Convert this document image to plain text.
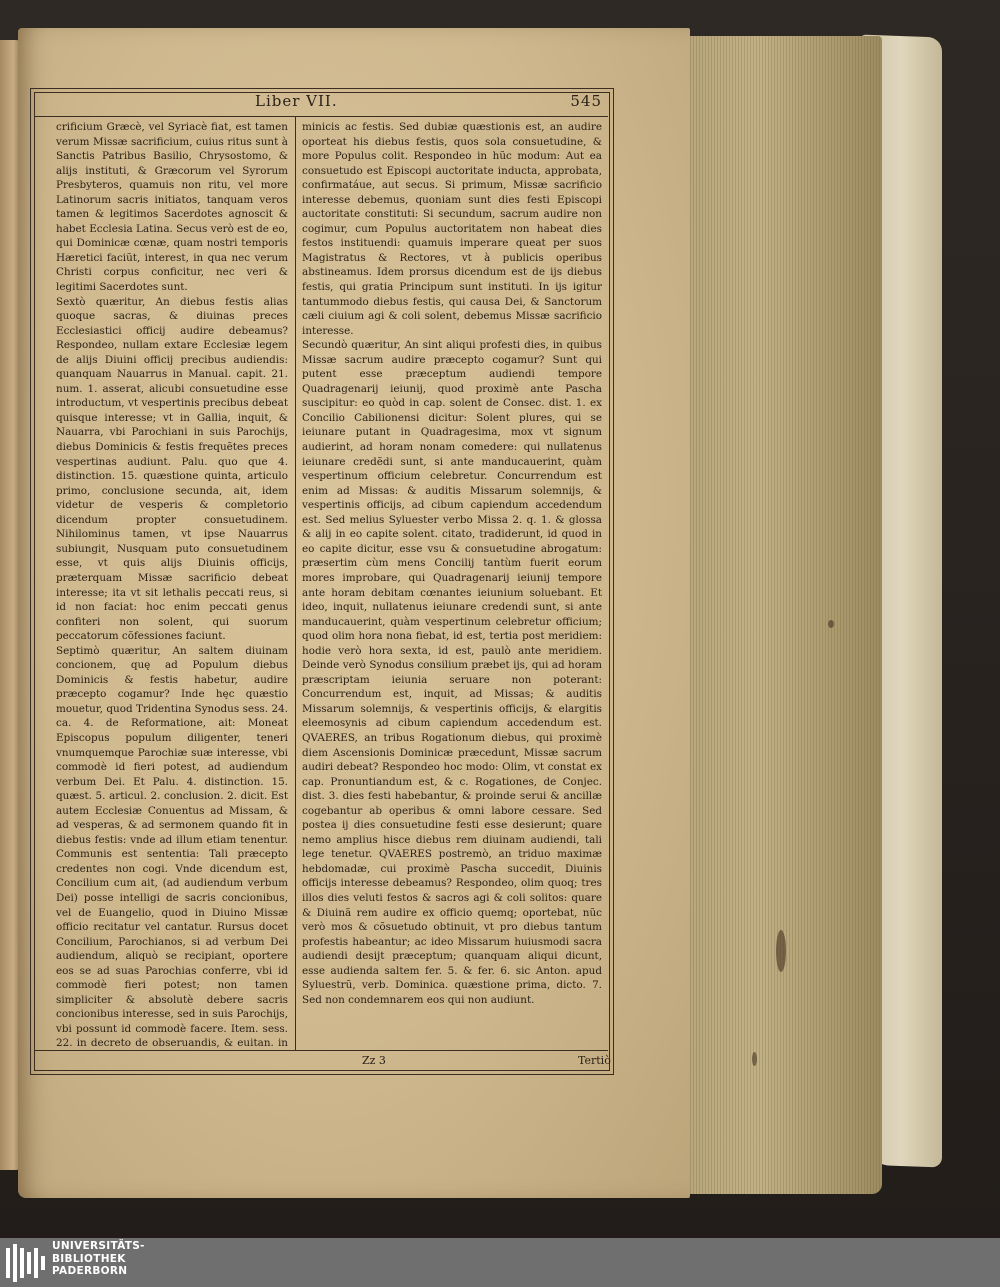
Liber VII.	545

crificium Græcè, vel Syriacè fiat, est tamen verum Missæ sacrificium, cuius ritus sunt à Sanctis Patribus Basilio, Chrysostomo, & alijs instituti, & Græcorum vel Syrorum Presbyteros, quamuis non ritu, vel more Latinorum sacris initiatos, tanquam veros tamen & legitimos Sacerdotes agnoscit & habet Ecclesia Latina. Secus verò est de eo, qui Dominicæ cœnæ, quam nostri temporis Hæretici faciũt, interest, in qua nec verum Christi corpus conficitur, nec veri & legitimi Sacerdotes sunt.

Sextò quæritur, An diebus festis alias quoque sacras, & diuinas preces Ecclesiastici officij audire debeamus? Respondeo, nullam extare Ecclesiæ legem de alijs Diuini officij precibus audiendis: quanquam Nauarrus in Manual. capit. 21. num. 1. asserat, alicubi consuetudine esse introductum, vt vespertinis precibus debeat quisque interesse; vt in Gallia, inquit, & Nauarra, vbi Parochiani in suis Parochijs, diebus Dominicis & festis frequẽtes preces vespertinas audiunt. Palu. quo que 4. distinction. 15. quæstione quinta, articulo primo, conclusione secunda, ait, idem videtur de vesperis & completorio dicendum propter consuetudinem. Nihilominus tamen, vt ipse Nauarrus subiungit, Nusquam puto consuetudinem esse, vt quis alijs Diuinis officijs, præterquam Missæ sacrificio debeat interesse; ita vt sit lethalis peccati reus, si id non faciat: hoc enim peccati genus confiteri non solent, qui suorum peccatorum cõfessiones faciunt.

Septimò quæritur, An saltem diuinam concionem, quę ad Populum diebus Dominicis & festis habetur, audire præcepto cogamur? Inde hęc quæstio mouetur, quod Tridentina Synodus sess. 24. ca. 4. de Reformatione, ait: Moneat Episcopus populum diligenter, teneri vnumquemque Parochiæ suæ interesse, vbi commodè id fieri potest, ad audiendum verbum Dei. Et Palu. 4. distinction. 15. quæst. 5. articul. 2. conclusion. 2. dicit. Est autem Ecclesiæ Conuentus ad Missam, & ad vesperas, & ad sermonem quando fit in diebus festis: vnde ad illum etiam tenentur. Communis est sententia: Tali præcepto credentes non cogi. Vnde dicendum est, Concilium cum ait, (ad audiendum verbum Dei) posse intelligi de sacris concionibus, vel de Euangelio, quod in Diuino Missæ officio recitatur vel cantatur. Rursus docet Concilium, Parochianos, si ad verbum Dei audiendum, aliquò se recipiant, oportere eos se ad suas Parochias conferre, vbi id commodè fieri potest; non tamen simpliciter & absolutè debere sacris concionibus interesse, sed in suis Parochijs, vbi possunt id commodè facere. Item. sess. 22. in decreto de obseruandis, & euitan. in

minicis ac festis. Sed dubiæ quæstionis est, an audire oporteat his diebus festis, quos sola consuetudine, & more Populus colit. Respondeo in hũc modum: Aut ea consuetudo est Episcopi auctoritate inducta, approbata, confirmatáue, aut secus. Si primum, Missæ sacrificio interesse debemus, quoniam sunt dies festi Episcopi auctoritate constituti: Si secundum, sacrum audire non cogimur, cum Populus auctoritatem non habeat dies festos instituendi: quamuis imperare queat per suos Magistratus & Rectores, vt à publicis operibus abstineamus. Idem prorsus dicendum est de ijs diebus festis, qui gratia Principum sunt instituti. In ijs igitur tantummodo diebus festis, qui causa Dei, & Sanctorum cæli ciuium agi & coli solent, debemus Missæ sacrificio interesse.

Secundò quæritur, An sint aliqui profesti dies, in quibus Missæ sacrum audire præcepto cogamur? Sunt qui putent esse præceptum audiendi tempore Quadragenarij ieiunij, quod proximè ante Pascha suscipitur: eo quòd in cap. solent de Consec. dist. 1. ex Concilio Cabilionensi dicitur: Solent plures, qui se ieiunare putant in Quadragesima, mox vt signum audierint, ad horam nonam comedere: qui nullatenus ieiunare credẽdi sunt, si ante manducauerint, quàm vespertinum officium celebretur. Concurrendum est enim ad Missas: & auditis Missarum solemnijs, & vespertinis officijs, ad cibum capiendum accedendum est. Sed melius Syluester verbo Missa 2. q. 1. & glossa & alij in eo capite solent. citato, tradiderunt, id quod in eo capite dicitur, esse vsu & consuetudine abrogatum: præsertim cùm mens Concilij tantùm fuerit eorum mores improbare, qui Quadragenarij ieiunij tempore ante horam debitam cœnantes ieiunium soluebant. Et ideo, inquit, nullatenus ieiunare credendi sunt, si ante manducauerint, quàm vespertinum celebretur officium; quod olim hora nona fiebat, id est, tertia post meridiem: hodie verò hora sexta, id est, paulò ante meridiem. Deinde verò Synodus consilium præbet ijs, qui ad horam præscriptam ieiunia seruare non poterant: Concurrendum est, inquit, ad Missas; & auditis Missarum solemnijs, & vespertinis officijs, & elargitis eleemosynis ad cibum capiendum accedendum est. QVAERES, an tribus Rogationum diebus, qui proximè diem Ascensionis Dominicæ præcedunt, Missæ sacrum audiri debeat? Respondeo hoc modo: Olim, vt constat ex cap. Pronuntiandum est, & c. Rogationes, de Conjec. dist. 3. dies festi habebantur, & proinde serui & ancillæ cogebantur ab operibus & omni labore cessare. Sed postea ij dies consuetudine festi esse desierunt; quare nemo amplius hisce diebus rem diuinam audiendi, tali lege tenetur. QVAERES postremò, an triduo maximæ hebdomadæ, cui proximè Pascha succedit, Diuinis officijs interesse debeamus? Respondeo, olim quoq; tres illos dies veluti festos & sacros agi & coli solitos: quare & Diuinã rem audire ex officio quemq; oportebat, nũc verò mos & cõsuetudo obtinuit, vt pro diebus tantum profestis habeantur; ac ideo Missarum huiusmodi sacra audiendi desijt præceptum; quanquam aliqui dicunt, esse audienda saltem fer. 5. & fer. 6. sic Anton. apud Syluestrũ, verb. Dominica. quæstione prima, dicto. 7. Sed non condemnarem eos qui non audiunt.

Zz 3	Tertiò
UNIVERSITÄTS-
BIBLIOTHEK
PADERBORN
